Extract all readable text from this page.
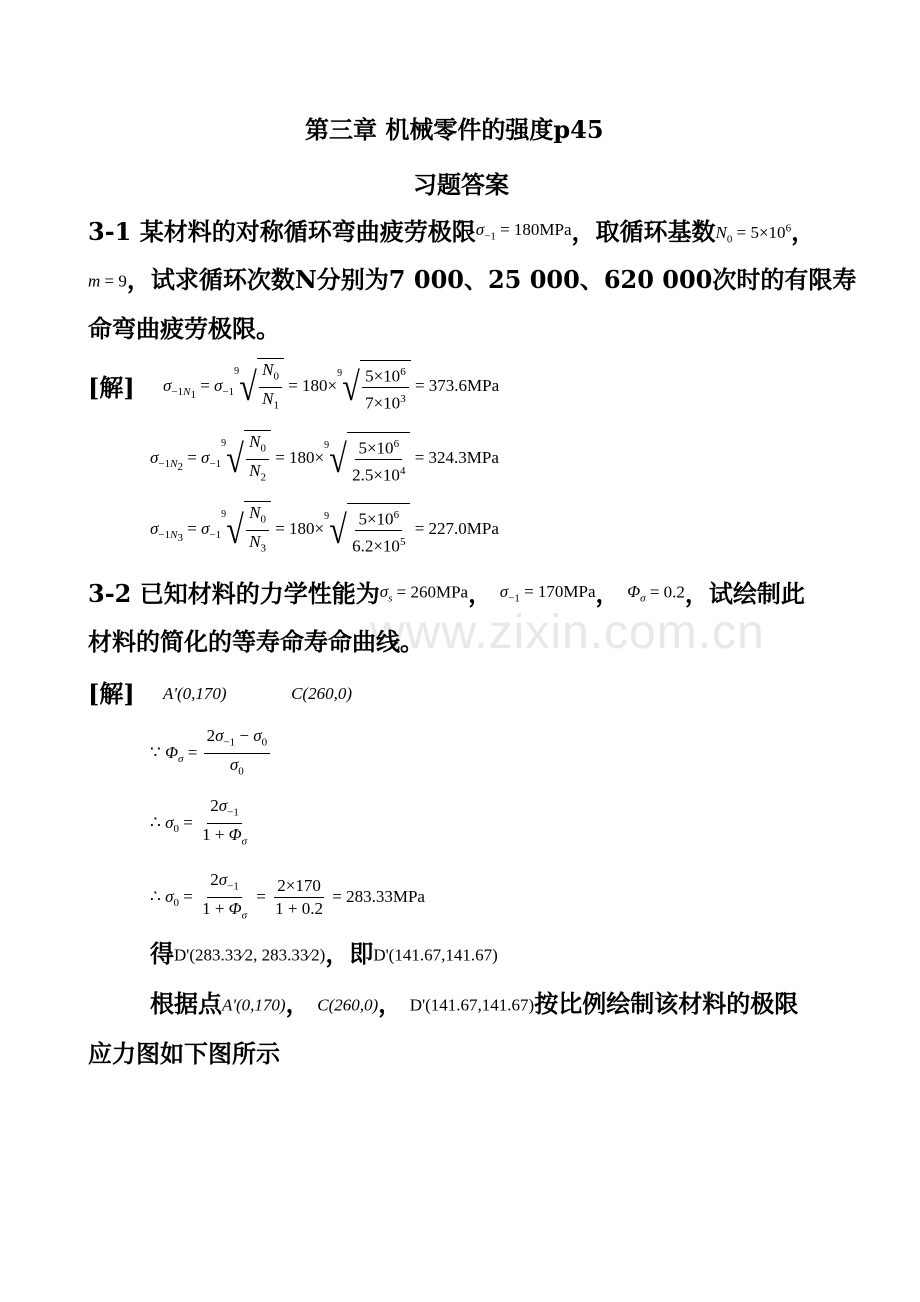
www.zixin.com.cn
第三章 机械零件的强度p45
习题答案
3-1 某材料的对称循环弯曲疲劳极限$\sigma_{-1} = 180MPa$，取循环基数$N_0 = 5\times 10^6$，
m = 9，试求循环次数N分别为7 000、25 000、620 000次时的有限寿
命弯曲疲劳极限。
[解] $\sigma_{-1N_1} = \sigma_{-1}$
9 √ $\frac{N_0}{N_1} = 180\times$
9 √ $\frac{5\times 10^6}{7\times 10^3} = 373.6MPa$
$\sigma_{-1N_2} = \sigma_{-1}$
9 √ $\frac{N_0}{N_2} = 180\times$
9 √ $\frac{5\times 10^6}{2.5\times 10^4} = 324.3MPa$
$\sigma_{-1N_3} = \sigma_{-1}$
9 √ $\frac{N_0}{N_3} = 180\times$
9 √ $\frac{5\times 10^6}{6.2\times 10^5} = 227.0MPa$
3-2 已知材料的力学性能为$\sigma_s = 260MPa$， $\sigma_{-1} = 170MPa$， $\Phi_\sigma = 0.2$，试绘制此
材料的简化的等寿命寿命曲线。
[解] A'(0,170)	C(260,0)
∵ $\Phi_\sigma = \frac{2\sigma_{-1} - \sigma_0}{\sigma_0}$
∴ $\sigma_0 = \frac{2\sigma_{-1}}{1 + \Phi_\sigma}$
∴ $\sigma_0 = \frac{2\sigma_{-1}}{1 + \Phi_\sigma} = \frac{2\times 170}{1 + 0.2} = 283.33MPa$
得D'(283.33⁄2, 283.33⁄2)，即D'(141.67,141.67)
根据点A'(0,170)， C(260,0)， D'(141.67,141.67)按比例绘制该材料的极限
应力图如下图所示
